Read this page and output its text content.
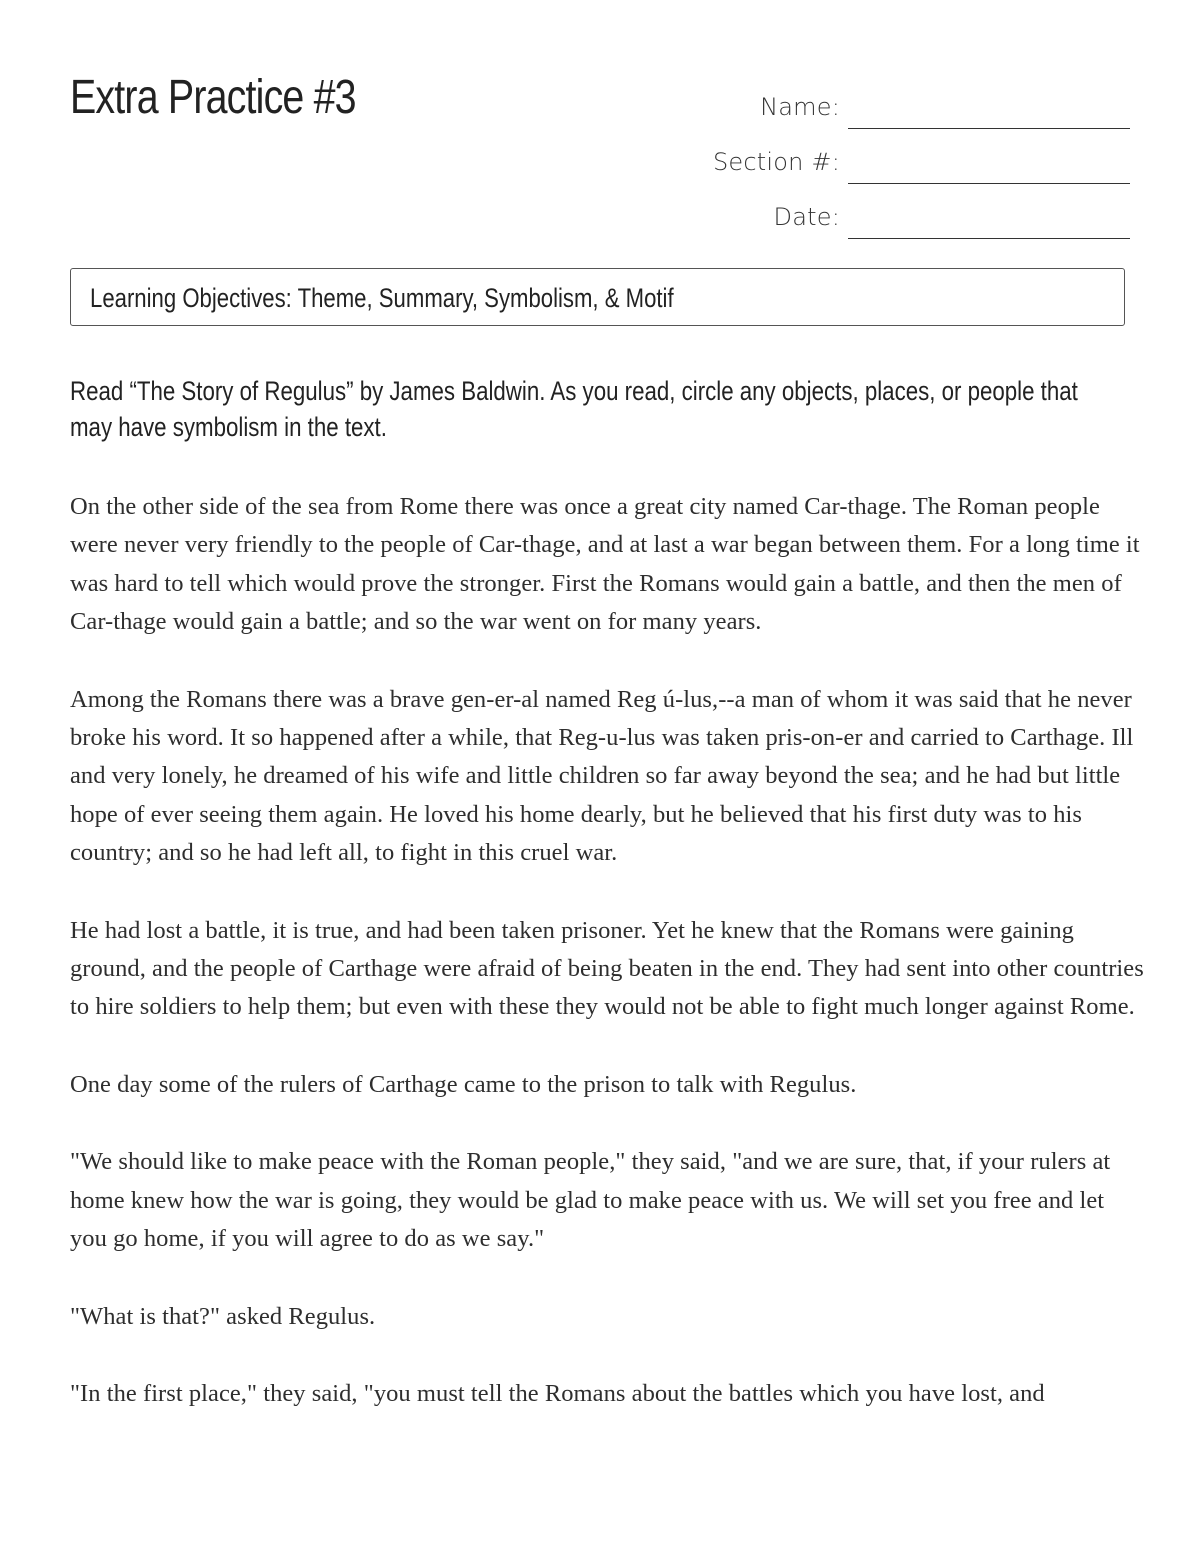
Extra Practice #3	Name:
Section #:
Date:
Learning Objectives: Theme, Summary, Symbolism, & Motif

Read “The Story of Regulus” by James Baldwin. As you read, circle any objects, places, or people that may have symbolism in the text.

On the other side of the sea from Rome there was once a great city named Car-thage. The Roman people were never very friendly to the people of Car-thage, and at last a war began between them. For a long time it was hard to tell which would prove the stronger. First the Romans would gain a battle, and then the men of Car-thage would gain a battle; and so the war went on for many years.

Among the Romans there was a brave gen-er-al named Reg ú-lus,--a man of whom it was said that he never broke his word. It so happened after a while, that Reg-u-lus was taken pris-on-er and carried to Carthage. Ill and very lonely, he dreamed of his wife and little children so far away beyond the sea; and he had but little hope of ever seeing them again. He loved his home dearly, but he believed that his first duty was to his country; and so he had left all, to fight in this cruel war.

He had lost a battle, it is true, and had been taken prisoner. Yet he knew that the Romans were gaining ground, and the people of Carthage were afraid of being beaten in the end. They had sent into other countries to hire soldiers to help them; but even with these they would not be able to fight much longer against Rome.

One day some of the rulers of Carthage came to the prison to talk with Regulus.

"We should like to make peace with the Roman people," they said, "and we are sure, that, if your rulers at home knew how the war is going, they would be glad to make peace with us. We will set you free and let you go home, if you will agree to do as we say."

"What is that?" asked Regulus.

"In the first place," they said, "you must tell the Romans about the battles which you have lost, and
